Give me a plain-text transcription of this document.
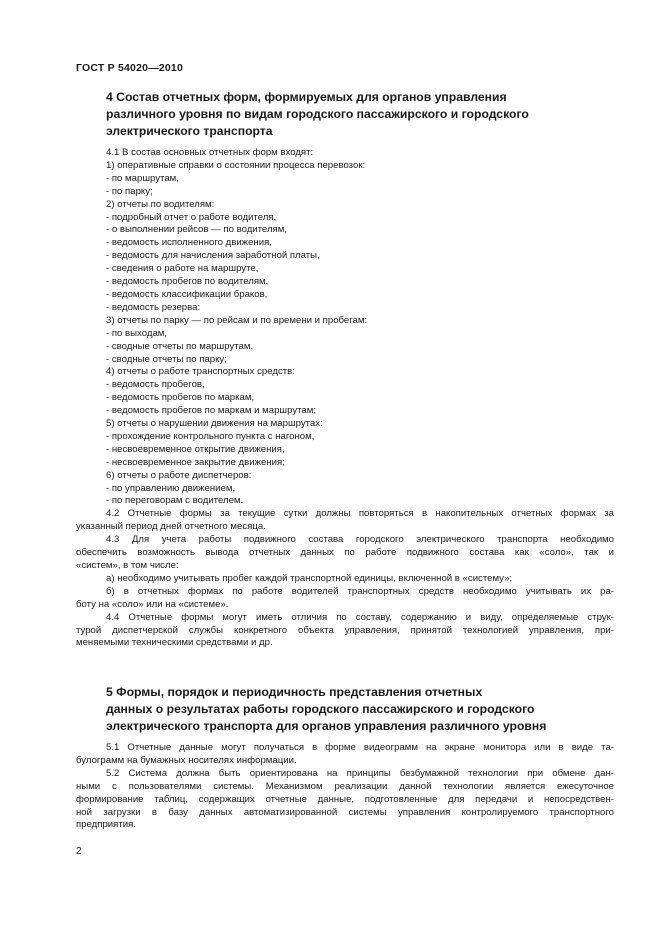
ГОСТ Р 54020—2010
4 Состав отчетных форм, формируемых для органов управления
различного уровня по видам городского пассажирского и городского
электрического транспорта
4.1 В состав основных отчетных форм входят:
1) оперативные справки о состоянии процесса перевозок:
- по маршрутам,
- по парку;
2) отчеты по водителям:
- подробный отчет о работе водителя,
- о выполнении рейсов — по водителям,
- ведомость исполненного движения,
- ведомость для начисления заработной платы,
- сведения о работе на маршруте,
- ведомость пробегов по водителям,
- ведомость классификации браков,
- ведомость резерва:
3) отчеты по парку — по рейсам и по времени и пробегам:
- по выходам,
- сводные отчеты по маршрутам,
- сводные отчеты по парку;
4) отчеты о работе транспортных средств:
- ведомость пробегов,
- ведомость пробегов по маркам,
- ведомость пробегов по маркам и маршрутам;
5) отчеты о нарушении движения на маршрутах:
- прохождение контрольного пункта с нагоном,
- несвоевременное открытие движения,
- несвоевременное закрытие движения;
6) отчеты о работе диспетчеров:
- по управлению движением,
- по переговорам с водителем.
4.2 Отчетные формы за текущие сутки должны повторяться в накопительных отчетных формах за
указанный период дней отчетного месяца.
4.3 Для учета работы подвижного состава городского электрического транспорта необходимо
обеспечить возможность вывода отчетных данных по работе подвижного состава как «соло», так и
«систем», в том числе:
а) необходимо учитывать пробег каждой транспортной единицы, включенной в «систему»;
б) в отчетных формах по работе водителей транспортных средств необходимо учитывать их ра-
боту на «соло» или на «системе».
4.4 Отчетные формы могут иметь отличия по составу, содержанию и виду, определяемые струк-
турой диспетчерской службы конкретного объекта управления, принятой технологией управления, при-
меняемыми техническими средствами и др.
5 Формы, порядок и периодичность представления отчетных
данных о результатах работы городского пассажирского и городского
электрического транспорта для органов управления различного уровня
5.1 Отчетные данные могут получаться в форме видеограмм на экране монитора или в виде та-
булограмм на бумажных носителях информации.
5.2 Система должна быть ориентирована на принципы безбумажной технологии при обмене дан-
ными с пользователями системы. Механизмом реализации данной технологии является ежесуточное
формирование таблиц, содержащих отчетные данные, подготовленные для передачи и непосредствен-
ной загрузки в базу данных автоматизированной системы управления контролируемого транспортного
предприятия.
2
